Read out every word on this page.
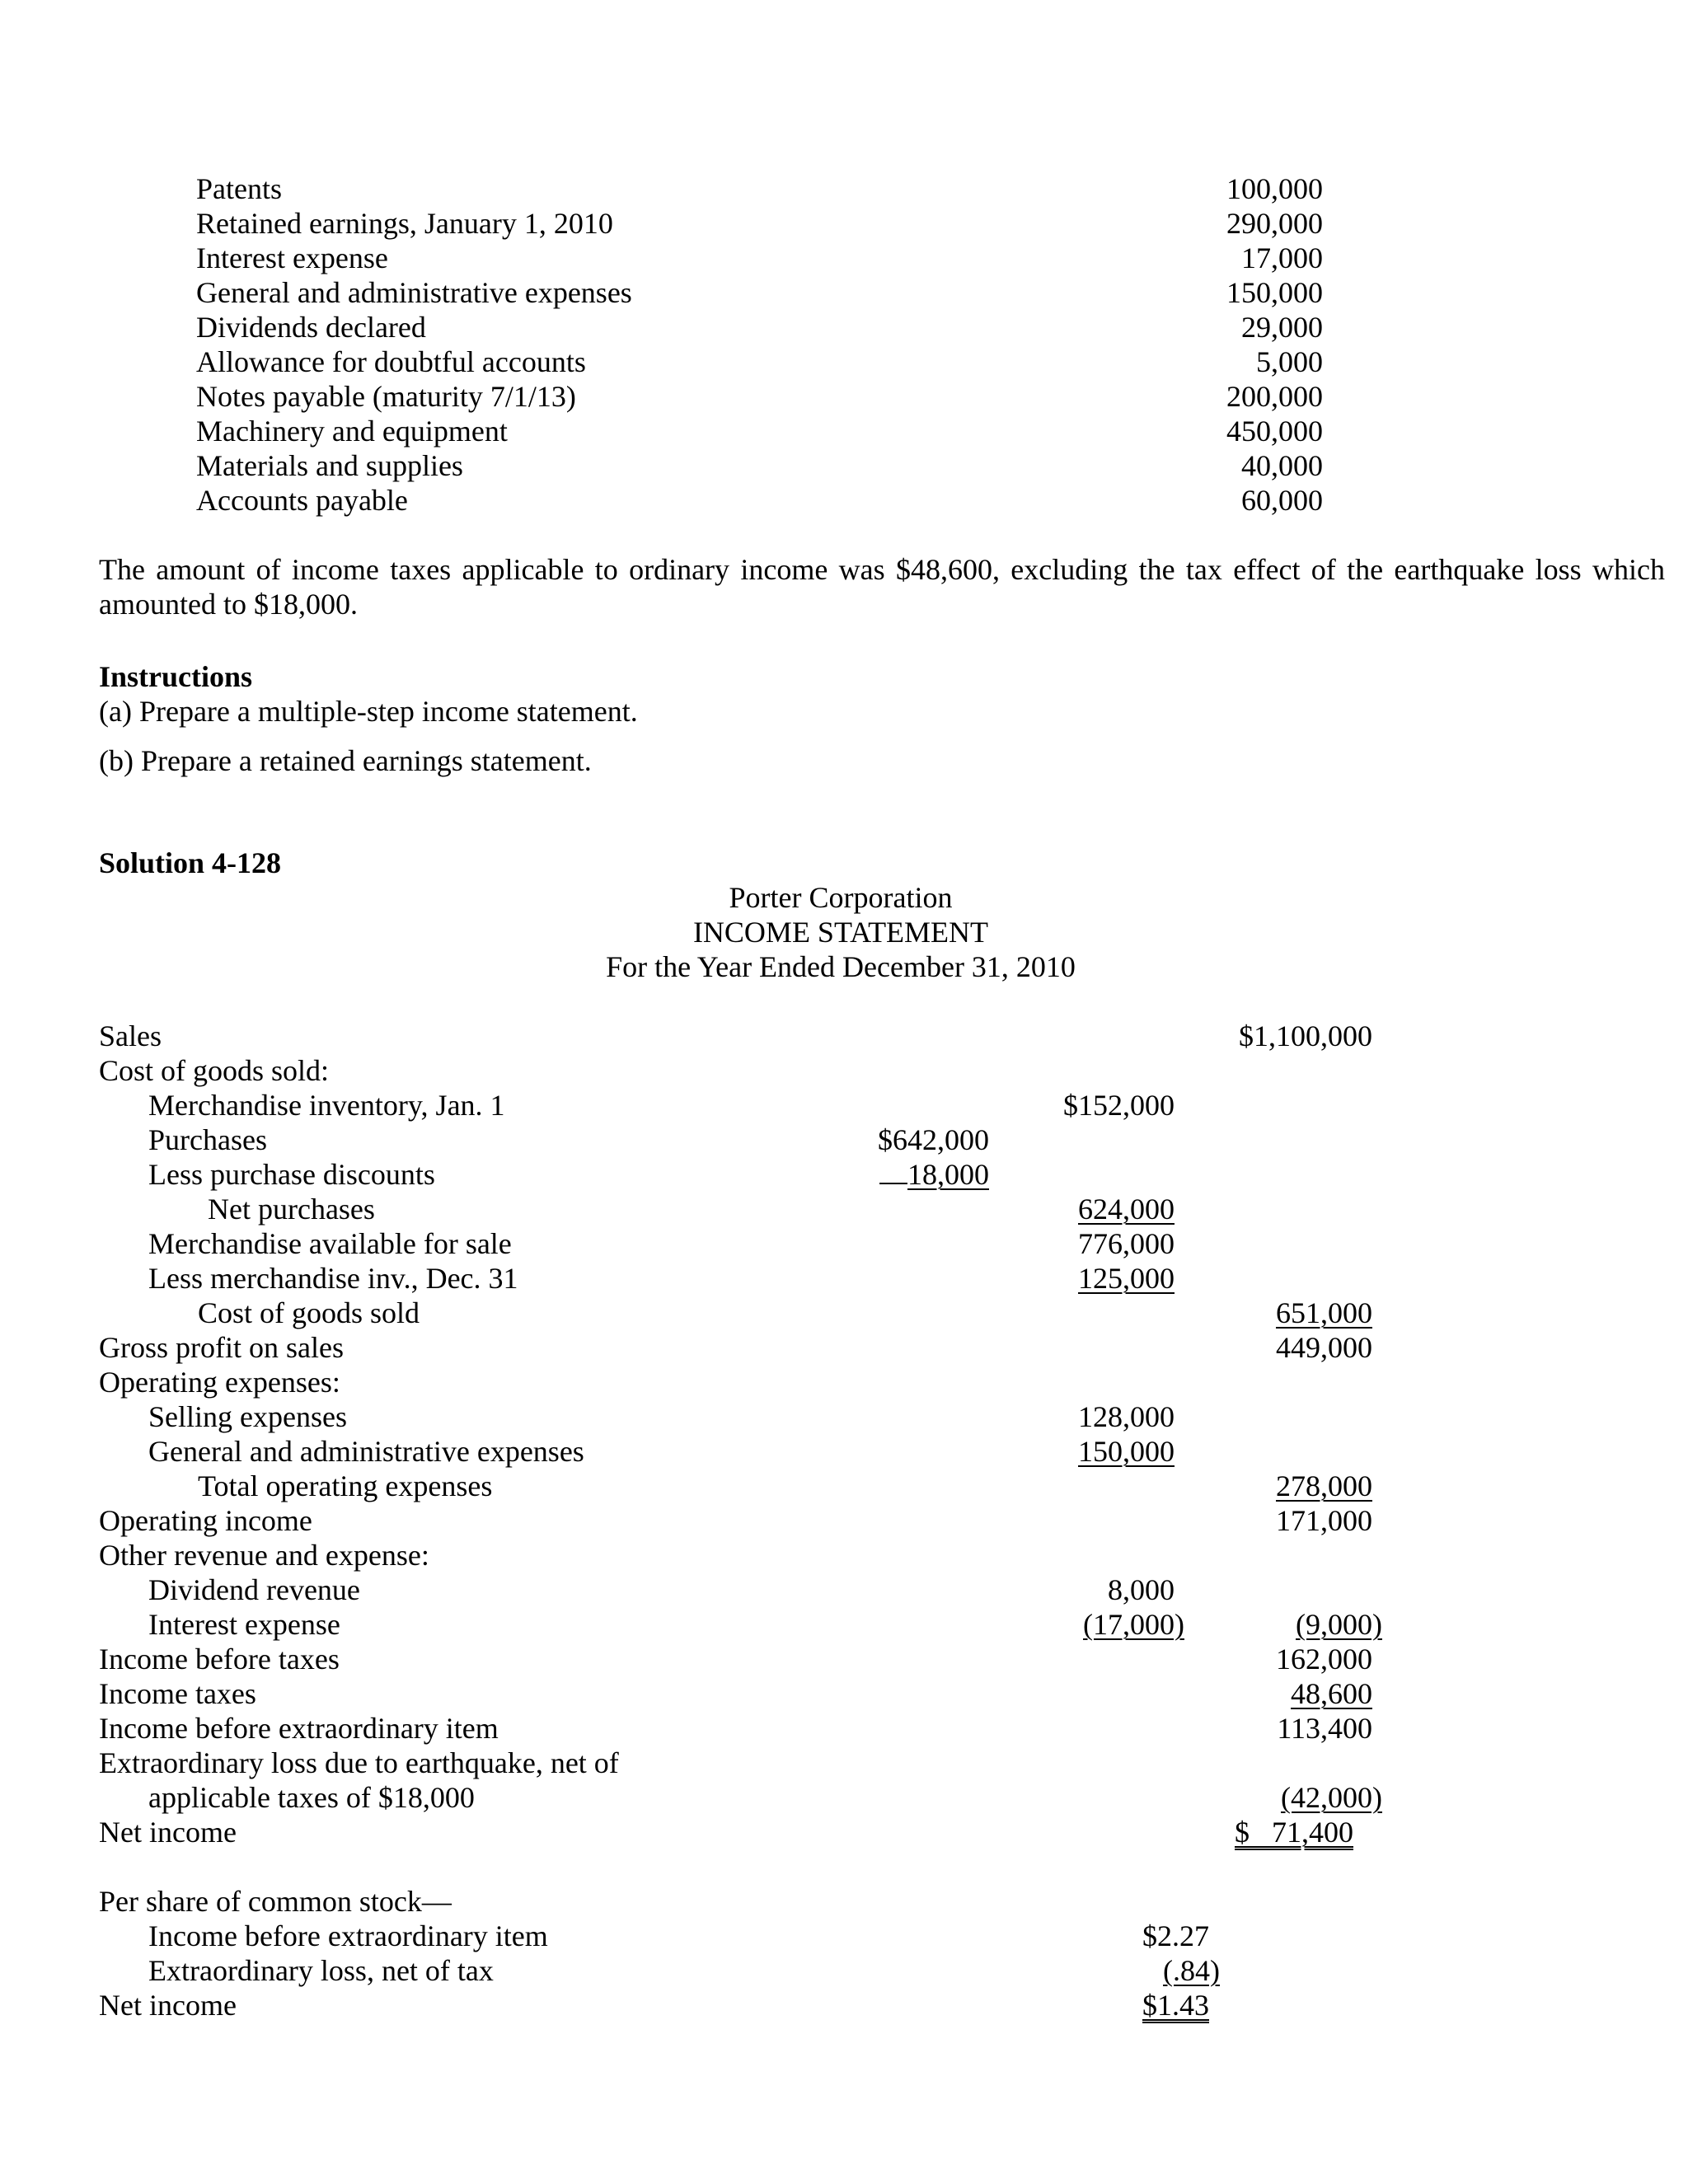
Patents	100,000
Retained earnings, January 1, 2010	290,000
Interest expense	17,000
General and administrative expenses	150,000
Dividends declared	29,000
Allowance for doubtful accounts	5,000
Notes payable (maturity 7/1/13)	200,000
Machinery and equipment	450,000
Materials and supplies	40,000
Accounts payable	60,000
The amount of income taxes applicable to ordinary income was $48,600, excluding the tax effect of the earthquake loss which amounted to $18,000.
Instructions
(a) Prepare a multiple-step income statement.
(b) Prepare a retained earnings statement.
Solution 4-128
Porter Corporation
INCOME STATEMENT
For the Year Ended December 31, 2010
Sales	$1,100,000
Cost of goods sold:
Merchandise inventory, Jan. 1	$152,000
Purchases	$642,000
Less purchase discounts	18,000
Net purchases	624,000
Merchandise available for sale	776,000
Less merchandise inv., Dec. 31	125,000
Cost of goods sold	651,000
Gross profit on sales	449,000
Operating expenses:
Selling expenses	128,000
General and administrative expenses	150,000
Total operating expenses	278,000
Operating income	171,000
Other revenue and expense:
Dividend revenue	8,000
Interest expense	(17,000)	(9,000)
Income before taxes	162,000
Income taxes	48,600
Income before extraordinary item	113,400
Extraordinary loss due to earthquake, net of
applicable taxes of $18,000	(42,000)
Net income	$ 71,400
Per share of common stock—
Income before extraordinary item	$2.27
Extraordinary loss, net of tax	(.84)
Net income	$1.43
